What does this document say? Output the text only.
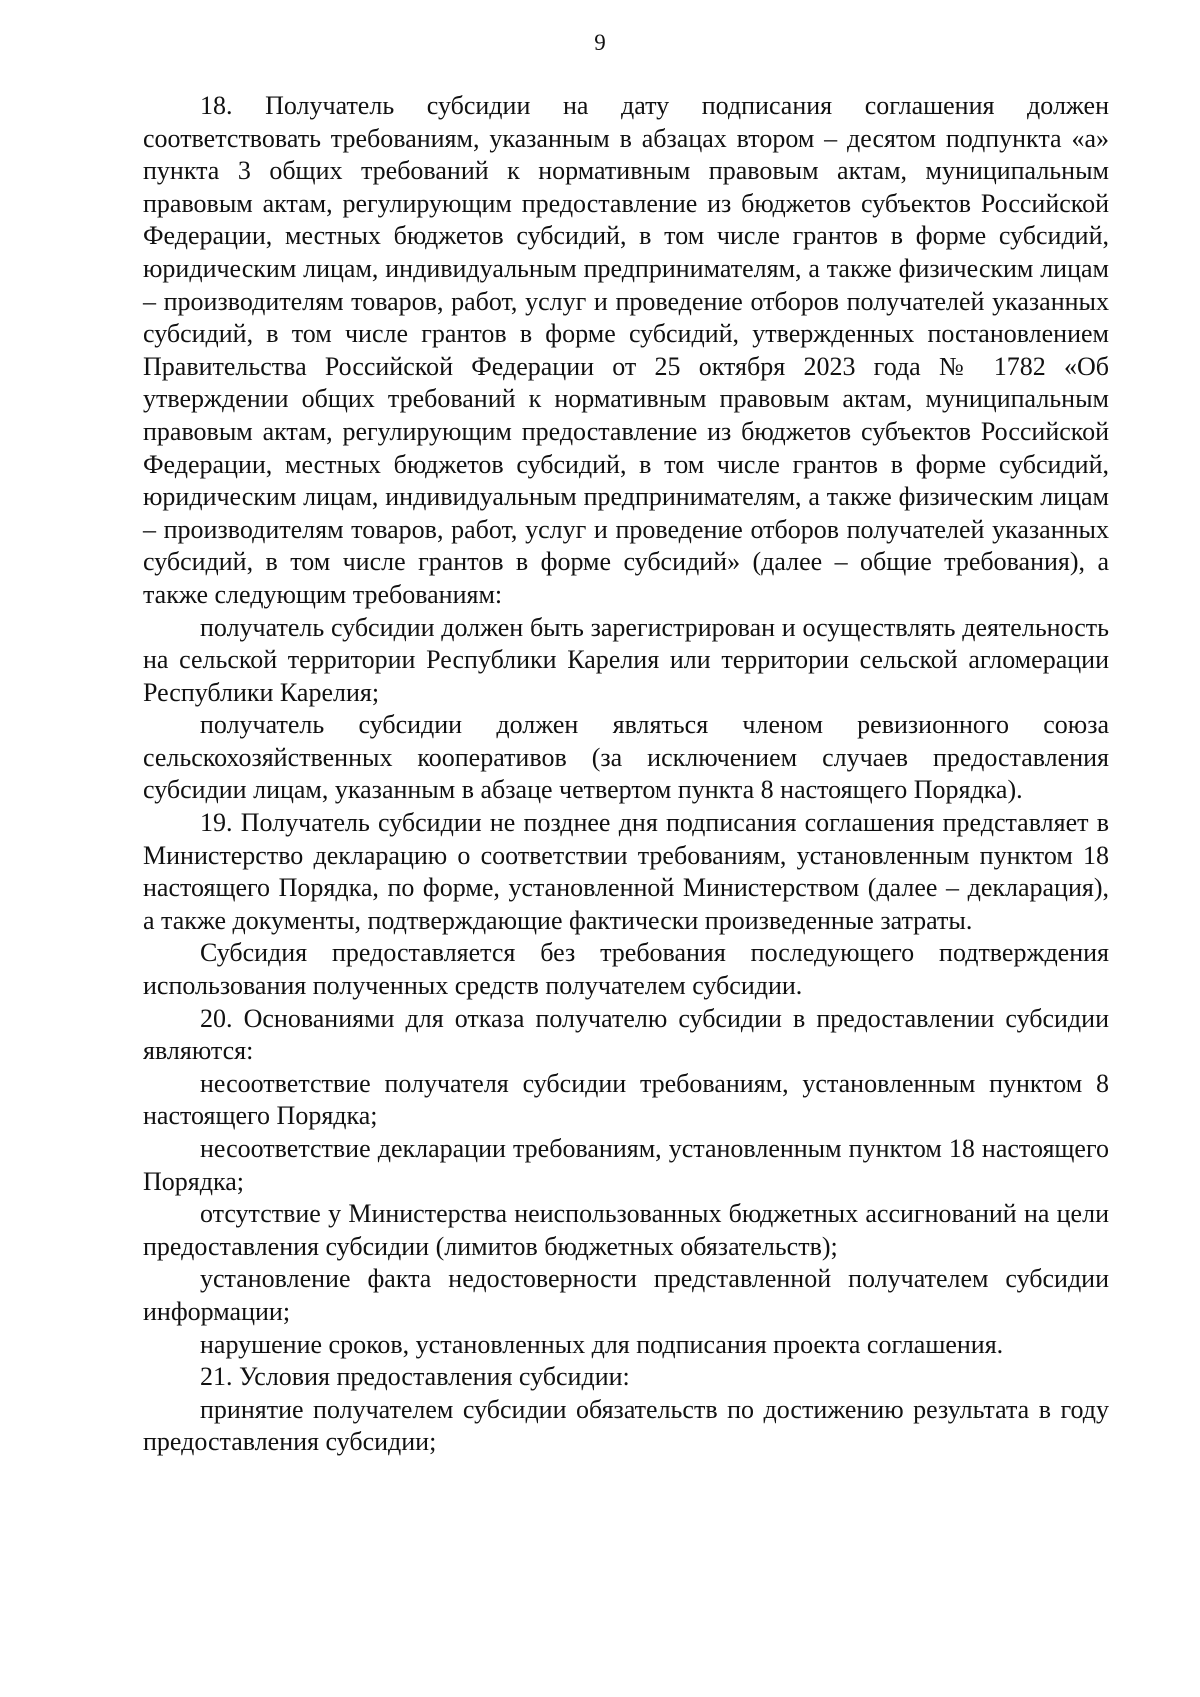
9

18. Получатель субсидии на дату подписания соглашения должен соответствовать требованиям, указанным в абзацах втором – десятом подпункта «а» пункта 3 общих требований к нормативным правовым актам, муниципальным правовым актам, регулирующим предоставление из бюджетов субъектов Российской Федерации, местных бюджетов субсидий, в том числе грантов в форме субсидий, юридическим лицам, индивидуальным предпринимателям, а также физическим лицам – производителям товаров, работ, услуг и проведение отборов получателей указанных субсидий, в том числе грантов в форме субсидий, утвержденных постановлением Правительства Российской Федерации от 25 октября 2023 года № 1782 «Об утверждении общих требований к нормативным правовым актам, муниципальным правовым актам, регулирующим предоставление из бюджетов субъектов Российской Федерации, местных бюджетов субсидий, в том числе грантов в форме субсидий, юридическим лицам, индивидуальным предпринимателям, а также физическим лицам – производителям товаров, работ, услуг и проведение отборов получателей указанных субсидий, в том числе грантов в форме субсидий» (далее – общие требования), а также следующим требованиям:

получатель субсидии должен быть зарегистрирован и осуществлять деятельность на сельской территории Республики Карелия или территории сельской агломерации Республики Карелия;

получатель субсидии должен являться членом ревизионного союза сельскохозяйственных кооперативов (за исключением случаев предоставления субсидии лицам, указанным в абзаце четвертом пункта 8 настоящего Порядка).

19. Получатель субсидии не позднее дня подписания соглашения представляет в Министерство декларацию о соответствии требованиям, установленным пунктом 18 настоящего Порядка, по форме, установленной Министерством (далее – декларация), а также документы, подтверждающие фактически произведенные затраты.

Субсидия предоставляется без требования последующего подтверждения использования полученных средств получателем субсидии.

20. Основаниями для отказа получателю субсидии в предоставлении субсидии являются:

несоответствие получателя субсидии требованиям, установленным пунктом 8 настоящего Порядка;

несоответствие декларации требованиям, установленным пунктом 18 настоящего Порядка;

отсутствие у Министерства неиспользованных бюджетных ассигнований на цели предоставления субсидии (лимитов бюджетных обязательств);

установление факта недостоверности представленной получателем субсидии информации;

нарушение сроков, установленных для подписания проекта соглашения.

21. Условия предоставления субсидии:

принятие получателем субсидии обязательств по достижению результата в году предоставления субсидии;
